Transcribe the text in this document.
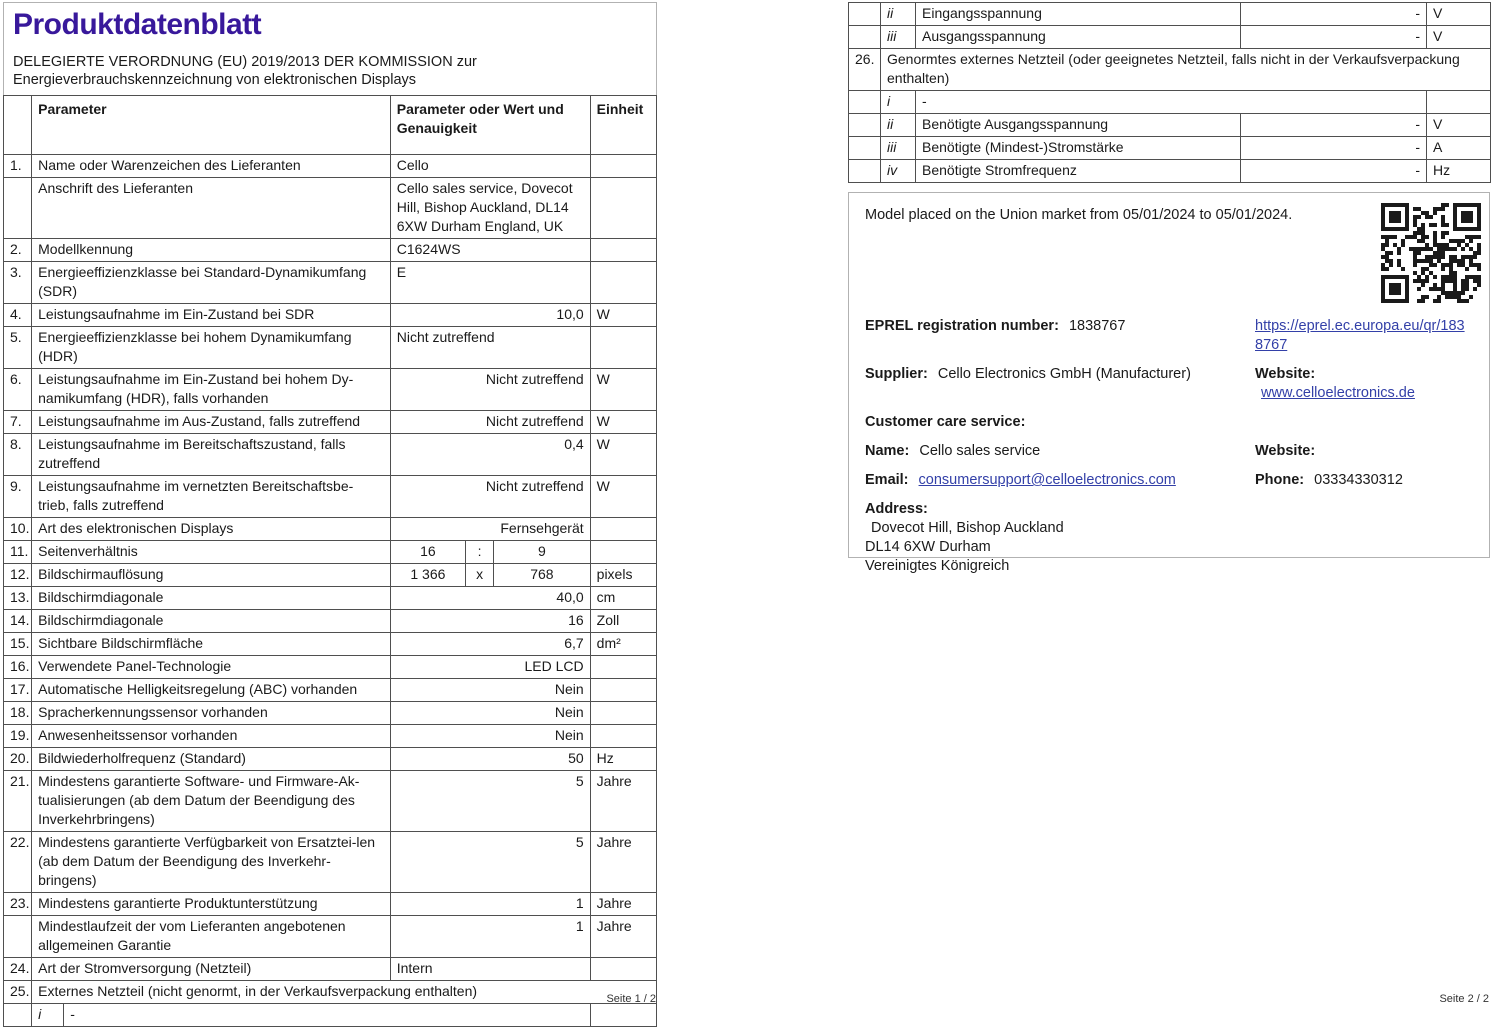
Produktdatenblatt
DELEGIERTE VERORDNUNG (EU) 2019/2013 DER KOMMISSION zur
Energieverbrauchskennzeichnung von elektronischen Displays
	Parameter		Parameter oder Wert und Genauigkeit			Einheit
1.	Name oder Warenzeichen des Lieferanten		Cello			
	Anschrift des Lieferanten		Cello sales service, Dovecot Hill, Bishop Auckland, DL14 6XW Durham England, UK			
2.	Modellkennung		C1624WS			
3.	Energieeffizienzklasse bei Standard-Dynamikumfang (SDR)		E			
4.	Leistungsaufnahme im Ein-Zustand bei SDR		10,0			W
5.	Energieeffizienzklasse bei hohem Dynamikumfang (HDR)		Nicht zutreffend			
6.	Leistungsaufnahme im Ein-Zustand bei hohem Dy-namikumfang (HDR), falls vorhanden		Nicht zutreffend			W
7.	Leistungsaufnahme im Aus-Zustand, falls zutreffend		Nicht zutreffend			W
8.	Leistungsaufnahme im Bereitschaftszustand, falls zutreffend		0,4			W
9.	Leistungsaufnahme im vernetzten Bereitschaftsbe-trieb, falls zutreffend		Nicht zutreffend			W
10.	Art des elektronischen Displays		Fernsehgerät			
11.	Seitenverhältnis		16	:	9	
12.	Bildschirmauflösung		1 366	x	768	pixels
13.	Bildschirmdiagonale		40,0			cm
14.	Bildschirmdiagonale		16			Zoll
15.	Sichtbare Bildschirmfläche		6,7			dm²
16.	Verwendete Panel-Technologie		LED LCD			
17.	Automatische Helligkeitsregelung (ABC) vorhanden		Nein			
18.	Spracherkennungssensor vorhanden		Nein			
19.	Anwesenheitssensor vorhanden		Nein			
20.	Bildwiederholfrequenz (Standard)		50			Hz
21.	Mindestens garantierte Software- und Firmware-Ak-tualisierungen (ab dem Datum der Beendigung des Inverkehrbringens)		5			Jahre
22.	Mindestens garantierte Verfügbarkeit von Ersatztei-len (ab dem Datum der Beendigung des Inverkehr-bringens)		5			Jahre
23.	Mindestens garantierte Produktunterstützung		1			Jahre
	Mindestlaufzeit der vom Lieferanten angebotenen allgemeinen Garantie		1			Jahre
24.	Art der Stromversorgung (Netzteil)		Intern			
25.	Externes Netzteil (nicht genormt, in der Verkaufsverpackung enthalten)					
	i	-				
Seite 1 / 2
	ii	Eingangsspannung	-	V
	iii	Ausgangsspannung	-	V
26.	Genormtes externes Netzteil (oder geeignetes Netzteil, falls nicht in der Verkaufsverpackung enthalten)			
	i	-		
	ii	Benötigte Ausgangsspannung	-	V
	iii	Benötigte (Mindest-)Stromstärke	-	A
	iv	Benötigte Stromfrequenz	-	Hz
Model placed on the Union market from 05/01/2024 to 05/01/2024.
EPREL registration number: 1838767	https://eprel.ec.europa.eu/qr/1838767
Supplier: Cello Electronics GmbH (Manufacturer)	Website: www.celloelectronics.de
Customer care service:
Name: Cello sales service	Website:
Email: consumersupport@celloelectronics.com	Phone: 03334330312
Address:
Dovecot Hill, Bishop Auckland
DL14 6XW Durham
Vereinigtes Königreich
Seite 2 / 2
